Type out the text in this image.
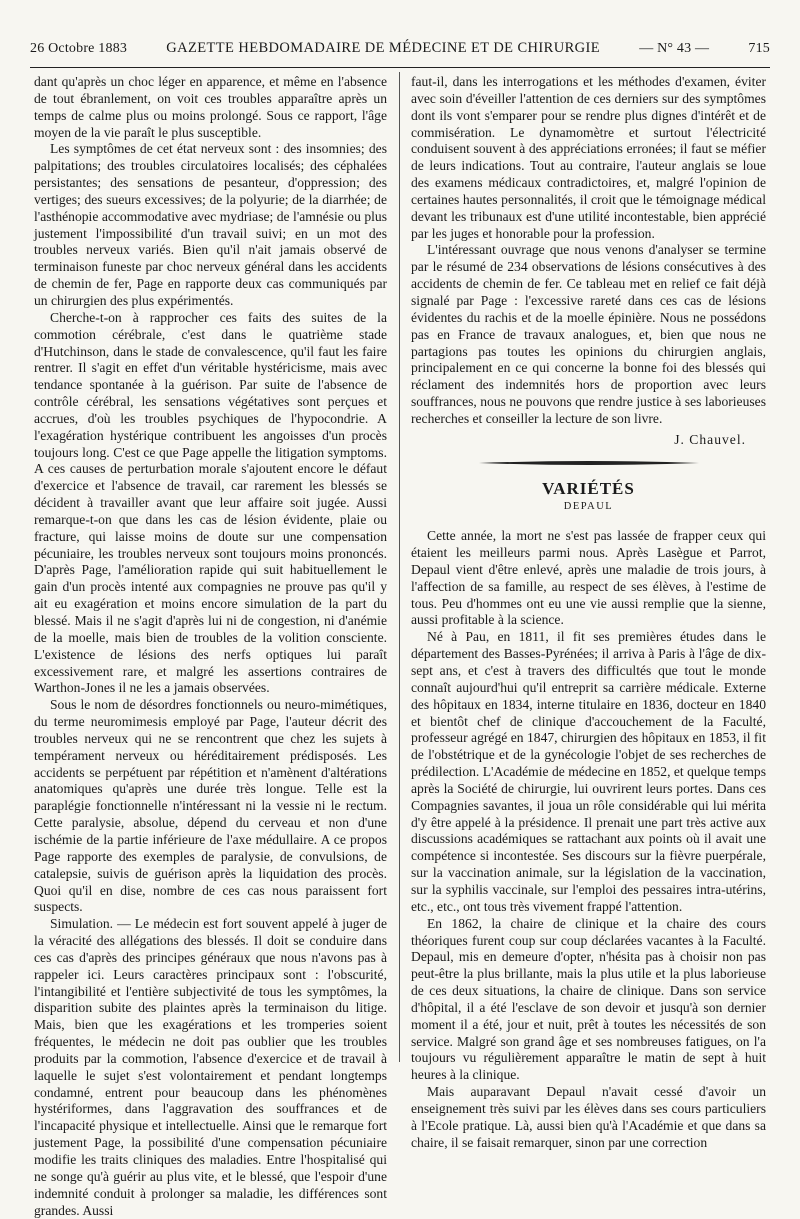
26 Octobre 1883	GAZETTE HEBDOMADAIRE DE MÉDECINE ET DE CHIRURGIE	— N° 43 —	715

dant qu'après un choc léger en apparence, et même en l'absence de tout ébranlement, on voit ces troubles apparaître après un temps de calme plus ou moins prolongé. Sous ce rapport, l'âge moyen de la vie paraît le plus susceptible.

Les symptômes de cet état nerveux sont : des insomnies; des palpitations; des troubles circulatoires localisés; des céphalées persistantes; des sensations de pesanteur, d'oppression; des vertiges; des sueurs excessives; de la polyurie; de la diarrhée; de l'asthénopie accommodative avec mydriase; de l'amnésie ou plus justement l'impossibilité d'un travail suivi; en un mot des troubles nerveux variés. Bien qu'il n'ait jamais observé de terminaison funeste par choc nerveux général dans les accidents de chemin de fer, Page en rapporte deux cas communiqués par un chirurgien des plus expérimentés.

Cherche-t-on à rapprocher ces faits des suites de la commotion cérébrale, c'est dans le quatrième stade d'Hutchinson, dans le stade de convalescence, qu'il faut les faire rentrer. Il s'agit en effet d'un véritable hystéricisme, mais avec tendance spontanée à la guérison. Par suite de l'absence de contrôle cérébral, les sensations végétatives sont perçues et accrues, d'où les troubles psychiques de l'hypocondrie. A l'exagération hystérique contribuent les angoisses d'un procès toujours long. C'est ce que Page appelle the litigation symptoms. A ces causes de perturbation morale s'ajoutent encore le défaut d'exercice et l'absence de travail, car rarement les blessés se décident à travailler avant que leur affaire soit jugée. Aussi remarque-t-on que dans les cas de lésion évidente, plaie ou fracture, qui laisse moins de doute sur une compensation pécuniaire, les troubles nerveux sont toujours moins prononcés. D'après Page, l'amélioration rapide qui suit habituellement le gain d'un procès intenté aux compagnies ne prouve pas qu'il y ait eu exagération et moins encore simulation de la part du blessé. Mais il ne s'agit d'après lui ni de congestion, ni d'anémie de la moelle, mais bien de troubles de la volition consciente. L'existence de lésions des nerfs optiques lui paraît excessivement rare, et malgré les assertions contraires de Warthon-Jones il ne les a jamais observées.

Sous le nom de désordres fonctionnels ou neuro-mimétiques, du terme neuromimesis employé par Page, l'auteur décrit des troubles nerveux qui ne se rencontrent que chez les sujets à tempérament nerveux ou héréditairement prédisposés. Les accidents se perpétuent par répétition et n'amènent d'altérations anatomiques qu'après une durée très longue. Telle est la paraplégie fonctionnelle n'intéressant ni la vessie ni le rectum. Cette paralysie, absolue, dépend du cerveau et non d'une ischémie de la partie inférieure de l'axe médullaire. A ce propos Page rapporte des exemples de paralysie, de convulsions, de catalepsie, suivis de guérison après la liquidation des procès. Quoi qu'il en dise, nombre de ces cas nous paraissent fort suspects.

Simulation. — Le médecin est fort souvent appelé à juger de la véracité des allégations des blessés. Il doit se conduire dans ces cas d'après des principes généraux que nous n'avons pas à rappeler ici. Leurs caractères principaux sont : l'obscurité, l'intangibilité et l'entière subjectivité de tous les symptômes, la disparition subite des plaintes après la terminaison du litige. Mais, bien que les exagérations et les tromperies soient fréquentes, le médecin ne doit pas oublier que les troubles produits par la commotion, l'absence d'exercice et de travail à laquelle le sujet s'est volontairement et pendant longtemps condamné, entrent pour beaucoup dans les phénomènes hystériformes, dans l'aggravation des souffrances et de l'incapacité physique et intellectuelle. Ainsi que le remarque fort justement Page, la possibilité d'une compensation pécuniaire modifie les traits cliniques des maladies. Entre l'hospitalisé qui ne songe qu'à guérir au plus vite, et le blessé, que l'espoir d'une indemnité conduit à prolonger sa maladie, les différences sont grandes. Aussi

faut-il, dans les interrogations et les méthodes d'examen, éviter avec soin d'éveiller l'attention de ces derniers sur des symptômes dont ils vont s'emparer pour se rendre plus dignes d'intérêt et de commisération. Le dynamomètre et surtout l'électricité conduisent souvent à des appréciations erronées; il faut se méfier de leurs indications. Tout au contraire, l'auteur anglais se loue des examens médicaux contradictoires, et, malgré l'opinion de certaines hautes personnalités, il croit que le témoignage médical devant les tribunaux est d'une utilité incontestable, bien apprécié par les juges et honorable pour la profession.

L'intéressant ouvrage que nous venons d'analyser se termine par le résumé de 234 observations de lésions consécutives à des accidents de chemin de fer. Ce tableau met en relief ce fait déjà signalé par Page : l'excessive rareté dans ces cas de lésions évidentes du rachis et de la moelle épinière. Nous ne possédons pas en France de travaux analogues, et, bien que nous ne partagions pas toutes les opinions du chirurgien anglais, principalement en ce qui concerne la bonne foi des blessés qui réclament des indemnités hors de proportion avec leurs souffrances, nous ne pouvons que rendre justice à ses laborieuses recherches et conseiller la lecture de son livre.

J. Chauvel.
VARIÉTÉS
DEPAUL

Cette année, la mort ne s'est pas lassée de frapper ceux qui étaient les meilleurs parmi nous. Après Lasègue et Parrot, Depaul vient d'être enlevé, après une maladie de trois jours, à l'affection de sa famille, au respect de ses élèves, à l'estime de tous. Peu d'hommes ont eu une vie aussi remplie que la sienne, aussi profitable à la science.

Né à Pau, en 1811, il fit ses premières études dans le département des Basses-Pyrénées; il arriva à Paris à l'âge de dix-sept ans, et c'est à travers des difficultés que tout le monde connaît aujourd'hui qu'il entreprit sa carrière médicale. Externe des hôpitaux en 1834, interne titulaire en 1836, docteur en 1840 et bientôt chef de clinique d'accouchement de la Faculté, professeur agrégé en 1847, chirurgien des hôpitaux en 1853, il fit de l'obstétrique et de la gynécologie l'objet de ses recherches de prédilection. L'Académie de médecine en 1852, et quelque temps après la Société de chirurgie, lui ouvrirent leurs portes. Dans ces Compagnies savantes, il joua un rôle considérable qui lui mérita d'y être appelé à la présidence. Il prenait une part très active aux discussions académiques se rattachant aux points où il avait une compétence si incontestée. Ses discours sur la fièvre puerpérale, sur la vaccination animale, sur la législation de la vaccination, sur la syphilis vaccinale, sur l'emploi des pessaires intra-utérins, etc., etc., ont tous très vivement frappé l'attention.

En 1862, la chaire de clinique et la chaire des cours théoriques furent coup sur coup déclarées vacantes à la Faculté. Depaul, mis en demeure d'opter, n'hésita pas à choisir non pas peut-être la plus brillante, mais la plus utile et la plus laborieuse de ces deux situations, la chaire de clinique. Dans son service d'hôpital, il a été l'esclave de son devoir et jusqu'à son dernier moment il a été, jour et nuit, prêt à toutes les nécessités de son service. Malgré son grand âge et ses nombreuses fatigues, on l'a toujours vu régulièrement apparaître le matin de sept à huit heures à la clinique.

Mais auparavant Depaul n'avait cessé d'avoir un enseignement très suivi par les élèves dans ses cours particuliers à l'Ecole pratique. Là, aussi bien qu'à l'Académie et que dans sa chaire, il se faisait remarquer, sinon par une correction
